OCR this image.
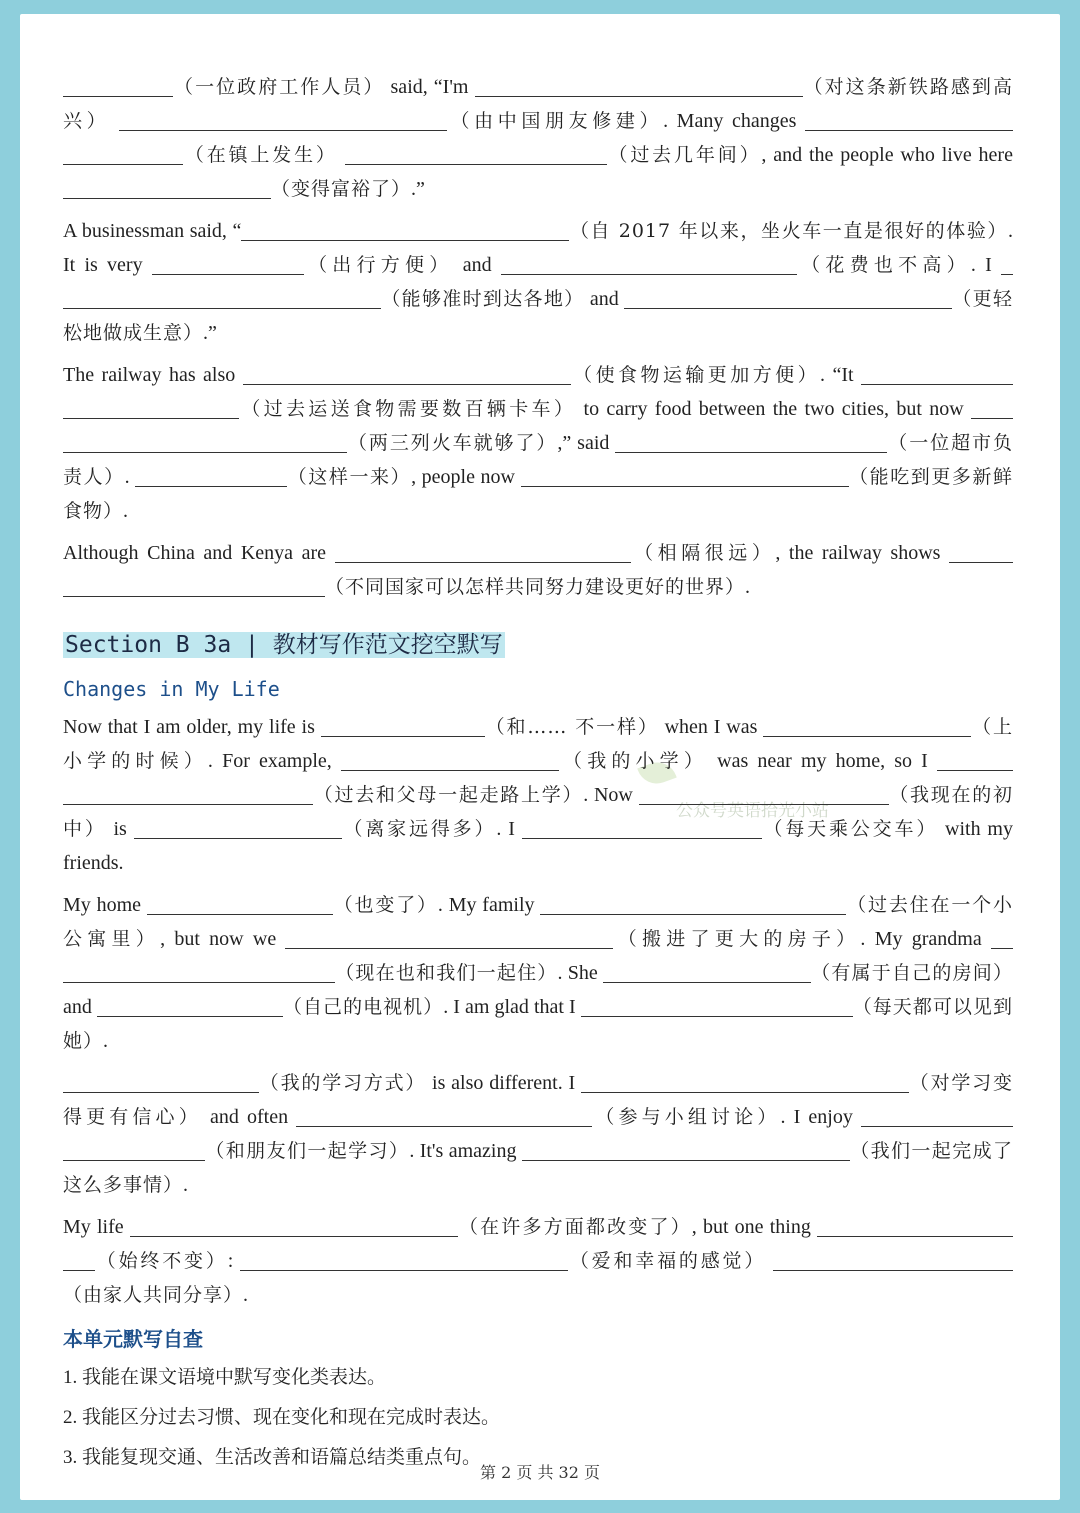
公众号英语拾光小站

（一位政府工作人员） said, “I'm	（对这条新铁路感到高兴）	（由中国朋友修建）. Many changes  （在镇上发生）	（过去几年间）, and the people who live here （变得富裕了）.”

A businessman said, “	（自 2017 年以来，坐火车一直是很好的体验）. It is very	（出行方便） and	（花费也不高）. I  （能够准时到达各地） and	（更轻松地做成生意）.”

The railway has also	（使食物运输更加方便）. “It  （过去运送食物需要数百辆卡车） to carry food between the two cities, but now  （两三列火车就够了）,” said	（一位超市负责人）.	（这样一来）, people now	（能吃到更多新鲜食物）.

Although China and Kenya are	（相隔很远）, the railway shows  （不同国家可以怎样共同努力建设更好的世界）.

Section B 3a | 教材写作范文挖空默写
Changes in My Life

Now that I am older, my life is	（和…… 不一样） when I was	（上小学的时候）. For example,	（我的小学） was near my home, so I  （过去和父母一起走路上学）. Now	（我现在的初中） is	（离家远得多）. I	（每天乘公交车） with my friends.

My home	（也变了）. My family	（过去住在一个小公寓里）, but now we	（搬进了更大的房子）. My grandma  （现在也和我们一起住）. She	（有属于自己的房间） and	（自己的电视机）. I am glad that I	（每天都可以见到她）.

（我的学习方式） is also different. I	（对学习变得更有信心） and often	（参与小组讨论）. I enjoy  （和朋友们一起学习）. It's amazing	（我们一起完成了这么多事情）.

My life	（在许多方面都改变了）, but one thing  （始终不变）:	（爱和幸福的感觉） （由家人共同分享）.

本单元默写自查
1. 我能在课文语境中默写变化类表达。
2. 我能区分过去习惯、现在变化和现在完成时表达。
3. 我能复现交通、生活改善和语篇总结类重点句。
第 2 页 共 32 页
